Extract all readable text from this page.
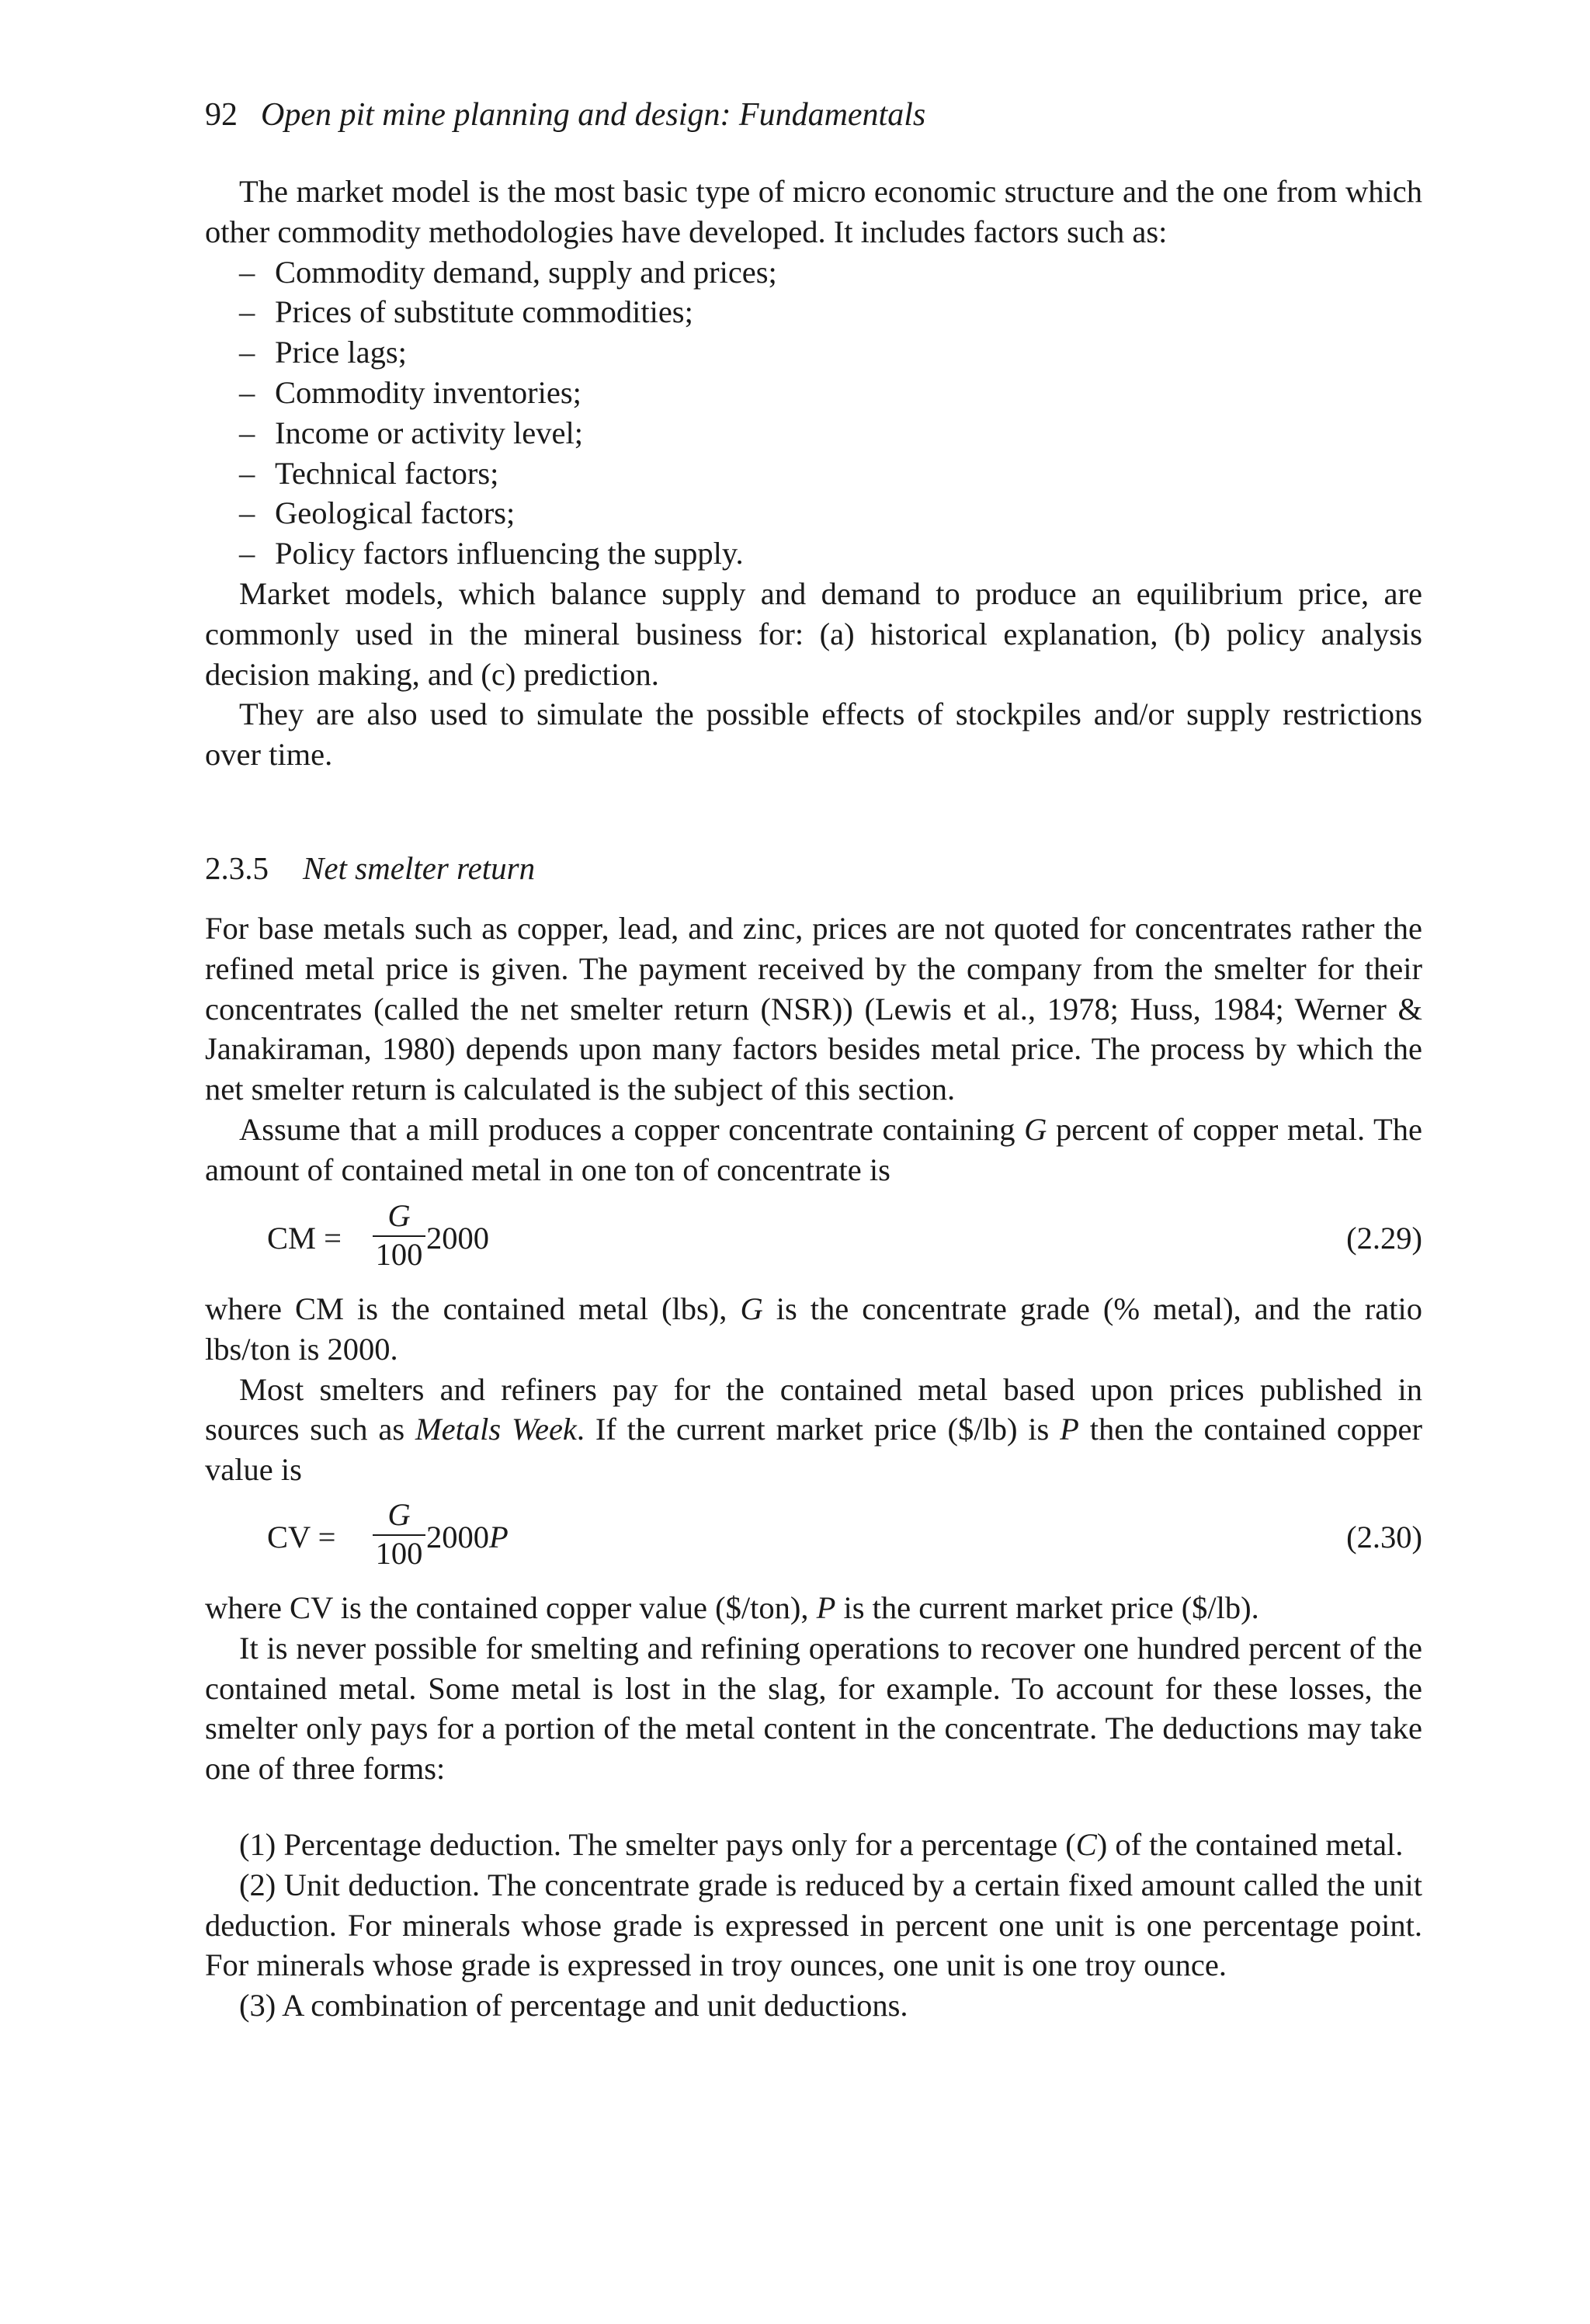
92 Open pit mine planning and design: Fundamentals

The market model is the most basic type of micro economic structure and the one from which other commodity methodologies have developed. It includes factors such as:

– Commodity demand, supply and prices;
– Prices of substitute commodities;
– Price lags;
– Commodity inventories;
– Income or activity level;
– Technical factors;
– Geological factors;
– Policy factors influencing the supply.

Market models, which balance supply and demand to produce an equilibrium price, are commonly used in the mineral business for: (a) historical explanation, (b) policy analysis decision making, and (c) prediction.

They are also used to simulate the possible effects of stockpiles and/or supply restrictions over time.

2.3.5 Net smelter return

For base metals such as copper, lead, and zinc, prices are not quoted for concentrates rather the refined metal price is given. The payment received by the company from the smelter for their concentrates (called the net smelter return (NSR)) (Lewis et al., 1978; Huss, 1984; Werner & Janakiraman, 1980) depends upon many factors besides metal price. The process by which the net smelter return is calculated is the subject of this section.

Assume that a mill produces a copper concentrate containing G percent of copper metal. The amount of contained metal in one ton of concentrate is

CM =
G
100 2000	(2.29)

where CM is the contained metal (lbs), G is the concentrate grade (% metal), and the ratio lbs/ton is 2000.

Most smelters and refiners pay for the contained metal based upon prices published in sources such as Metals Week. If the current market price ($/lb) is P then the contained copper value is

CV =
G
100 2000P	(2.30)

where CV is the contained copper value ($/ton), P is the current market price ($/lb).

It is never possible for smelting and refining operations to recover one hundred percent of the contained metal. Some metal is lost in the slag, for example. To account for these losses, the smelter only pays for a portion of the metal content in the concentrate. The deductions may take one of three forms:

(1) Percentage deduction. The smelter pays only for a percentage (C) of the contained metal.

(2) Unit deduction. The concentrate grade is reduced by a certain fixed amount called the unit deduction. For minerals whose grade is expressed in percent one unit is one percentage point. For minerals whose grade is expressed in troy ounces, one unit is one troy ounce.

(3) A combination of percentage and unit deductions.
